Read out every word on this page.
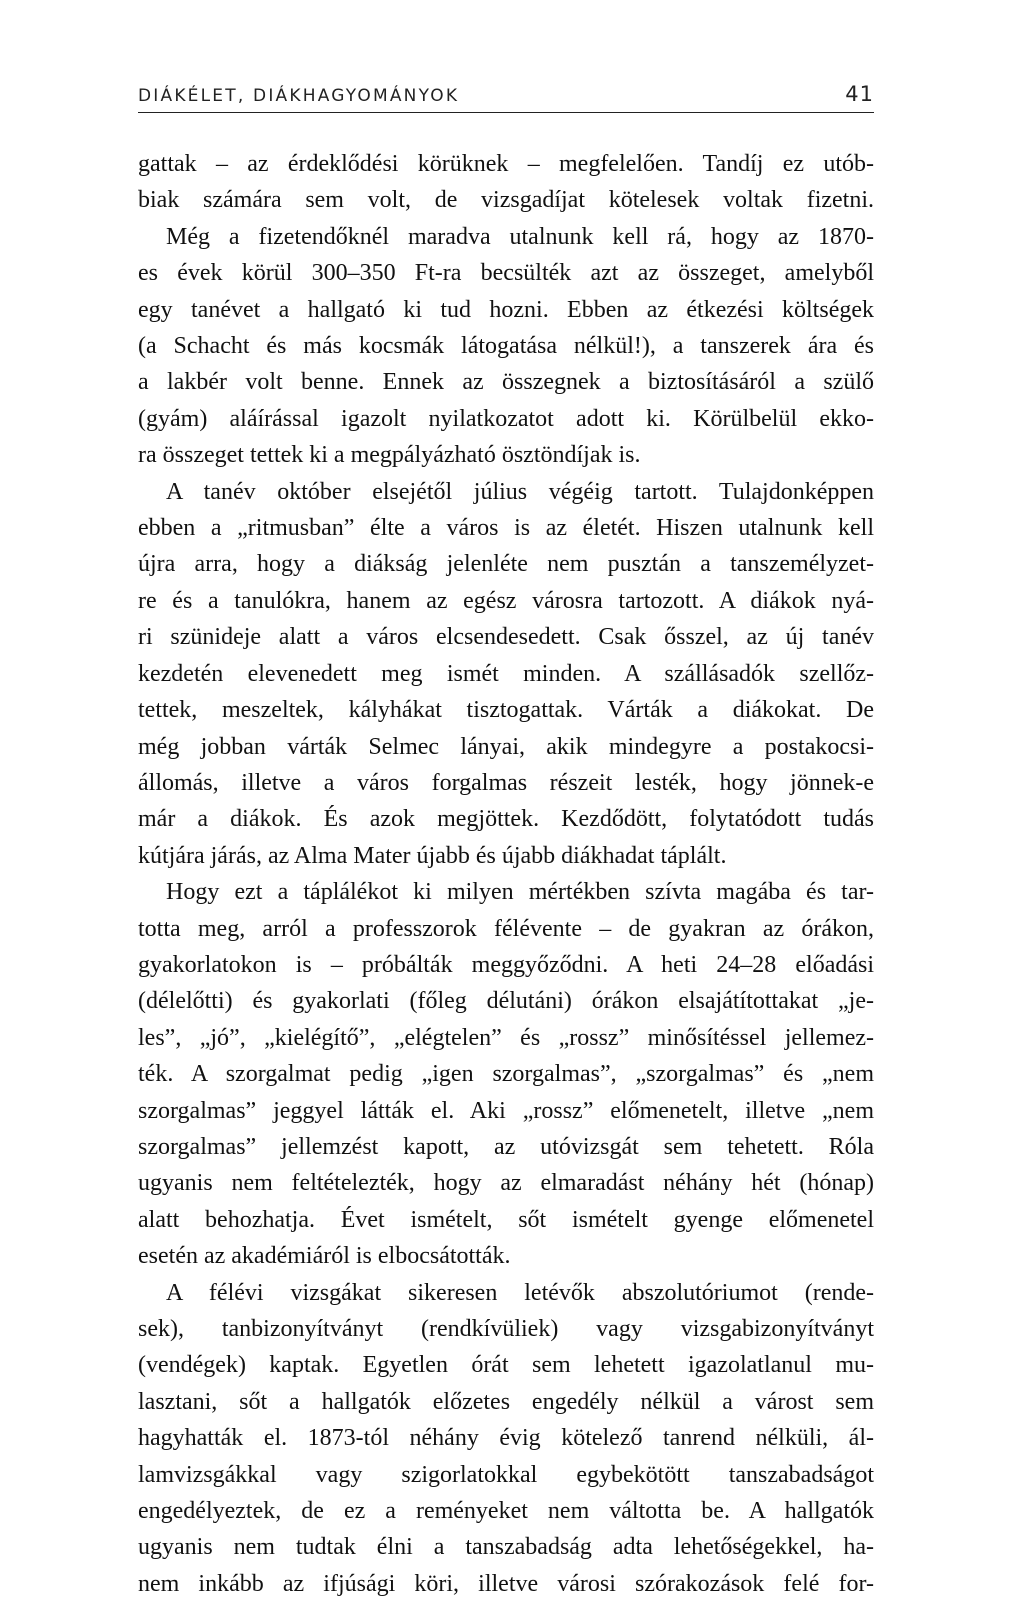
DIÁKÉLET, DIÁKHAGYOMÁNYOK	41
gattak – az érdeklődési körüknek – megfelelően. Tandíj ez utób-
biak számára sem volt, de vizsgadíjat kötelesek voltak fizetni.
Még a fizetendőknél maradva utalnunk kell rá, hogy az 1870-
es évek körül 300–350 Ft-ra becsülték azt az összeget, amelyből
egy tanévet a hallgató ki tud hozni. Ebben az étkezési költségek
(a Schacht és más kocsmák látogatása nélkül!), a tanszerek ára és
a lakbér volt benne. Ennek az összegnek a biztosításáról a szülő
(gyám) aláírással igazolt nyilatkozatot adott ki. Körülbelül ekko-
ra összeget tettek ki a megpályázható ösztöndíjak is.
A tanév október elsejétől július végéig tartott. Tulajdonképpen
ebben a „ritmusban” élte a város is az életét. Hiszen utalnunk kell
újra arra, hogy a diákság jelenléte nem pusztán a tanszemélyzet-
re és a tanulókra, hanem az egész városra tartozott. A diákok nyá-
ri szünideje alatt a város elcsendesedett. Csak ősszel, az új tanév
kezdetén elevenedett meg ismét minden. A szállásadók szellőz-
tettek, meszeltek, kályhákat tisztogattak. Várták a diákokat. De
még jobban várták Selmec lányai, akik mindegyre a postakocsi-
állomás, illetve a város forgalmas részeit lesték, hogy jönnek-e
már a diákok. És azok megjöttek. Kezdődött, folytatódott tudás
kútjára járás, az Alma Mater újabb és újabb diákhadat táplált.
Hogy ezt a táplálékot ki milyen mértékben szívta magába és tar-
totta meg, arról a professzorok félévente – de gyakran az órákon,
gyakorlatokon is – próbálták meggyőződni. A heti 24–28 előadási
(délelőtti) és gyakorlati (főleg délutáni) órákon elsajátítottakat „je-
les”, „jó”, „kielégítő”, „elégtelen” és „rossz” minősítéssel jellemez-
ték. A szorgalmat pedig „igen szorgalmas”, „szorgalmas” és „nem
szorgalmas” jeggyel látták el. Aki „rossz” előmenetelt, illetve „nem
szorgalmas” jellemzést kapott, az utóvizsgát sem tehetett. Róla
ugyanis nem feltételezték, hogy az elmaradást néhány hét (hónap)
alatt behozhatja. Évet ismételt, sőt ismételt gyenge előmenetel
esetén az akadémiáról is elbocsátották.
A félévi vizsgákat sikeresen letévők abszolutóriumot (rende-
sek), tanbizonyítványt (rendkívüliek) vagy vizsgabizonyítványt
(vendégek) kaptak. Egyetlen órát sem lehetett igazolatlanul mu-
lasztani, sőt a hallgatók előzetes engedély nélkül a várost sem
hagyhatták el. 1873-tól néhány évig kötelező tanrend nélküli, ál-
lamvizsgákkal vagy szigorlatokkal egybekötött tanszabadságot
engedélyeztek, de ez a reményeket nem váltotta be. A hallgatók
ugyanis nem tudtak élni a tanszabadság adta lehetőségekkel, ha-
nem inkább az ifjúsági köri, illetve városi szórakozások felé for-
